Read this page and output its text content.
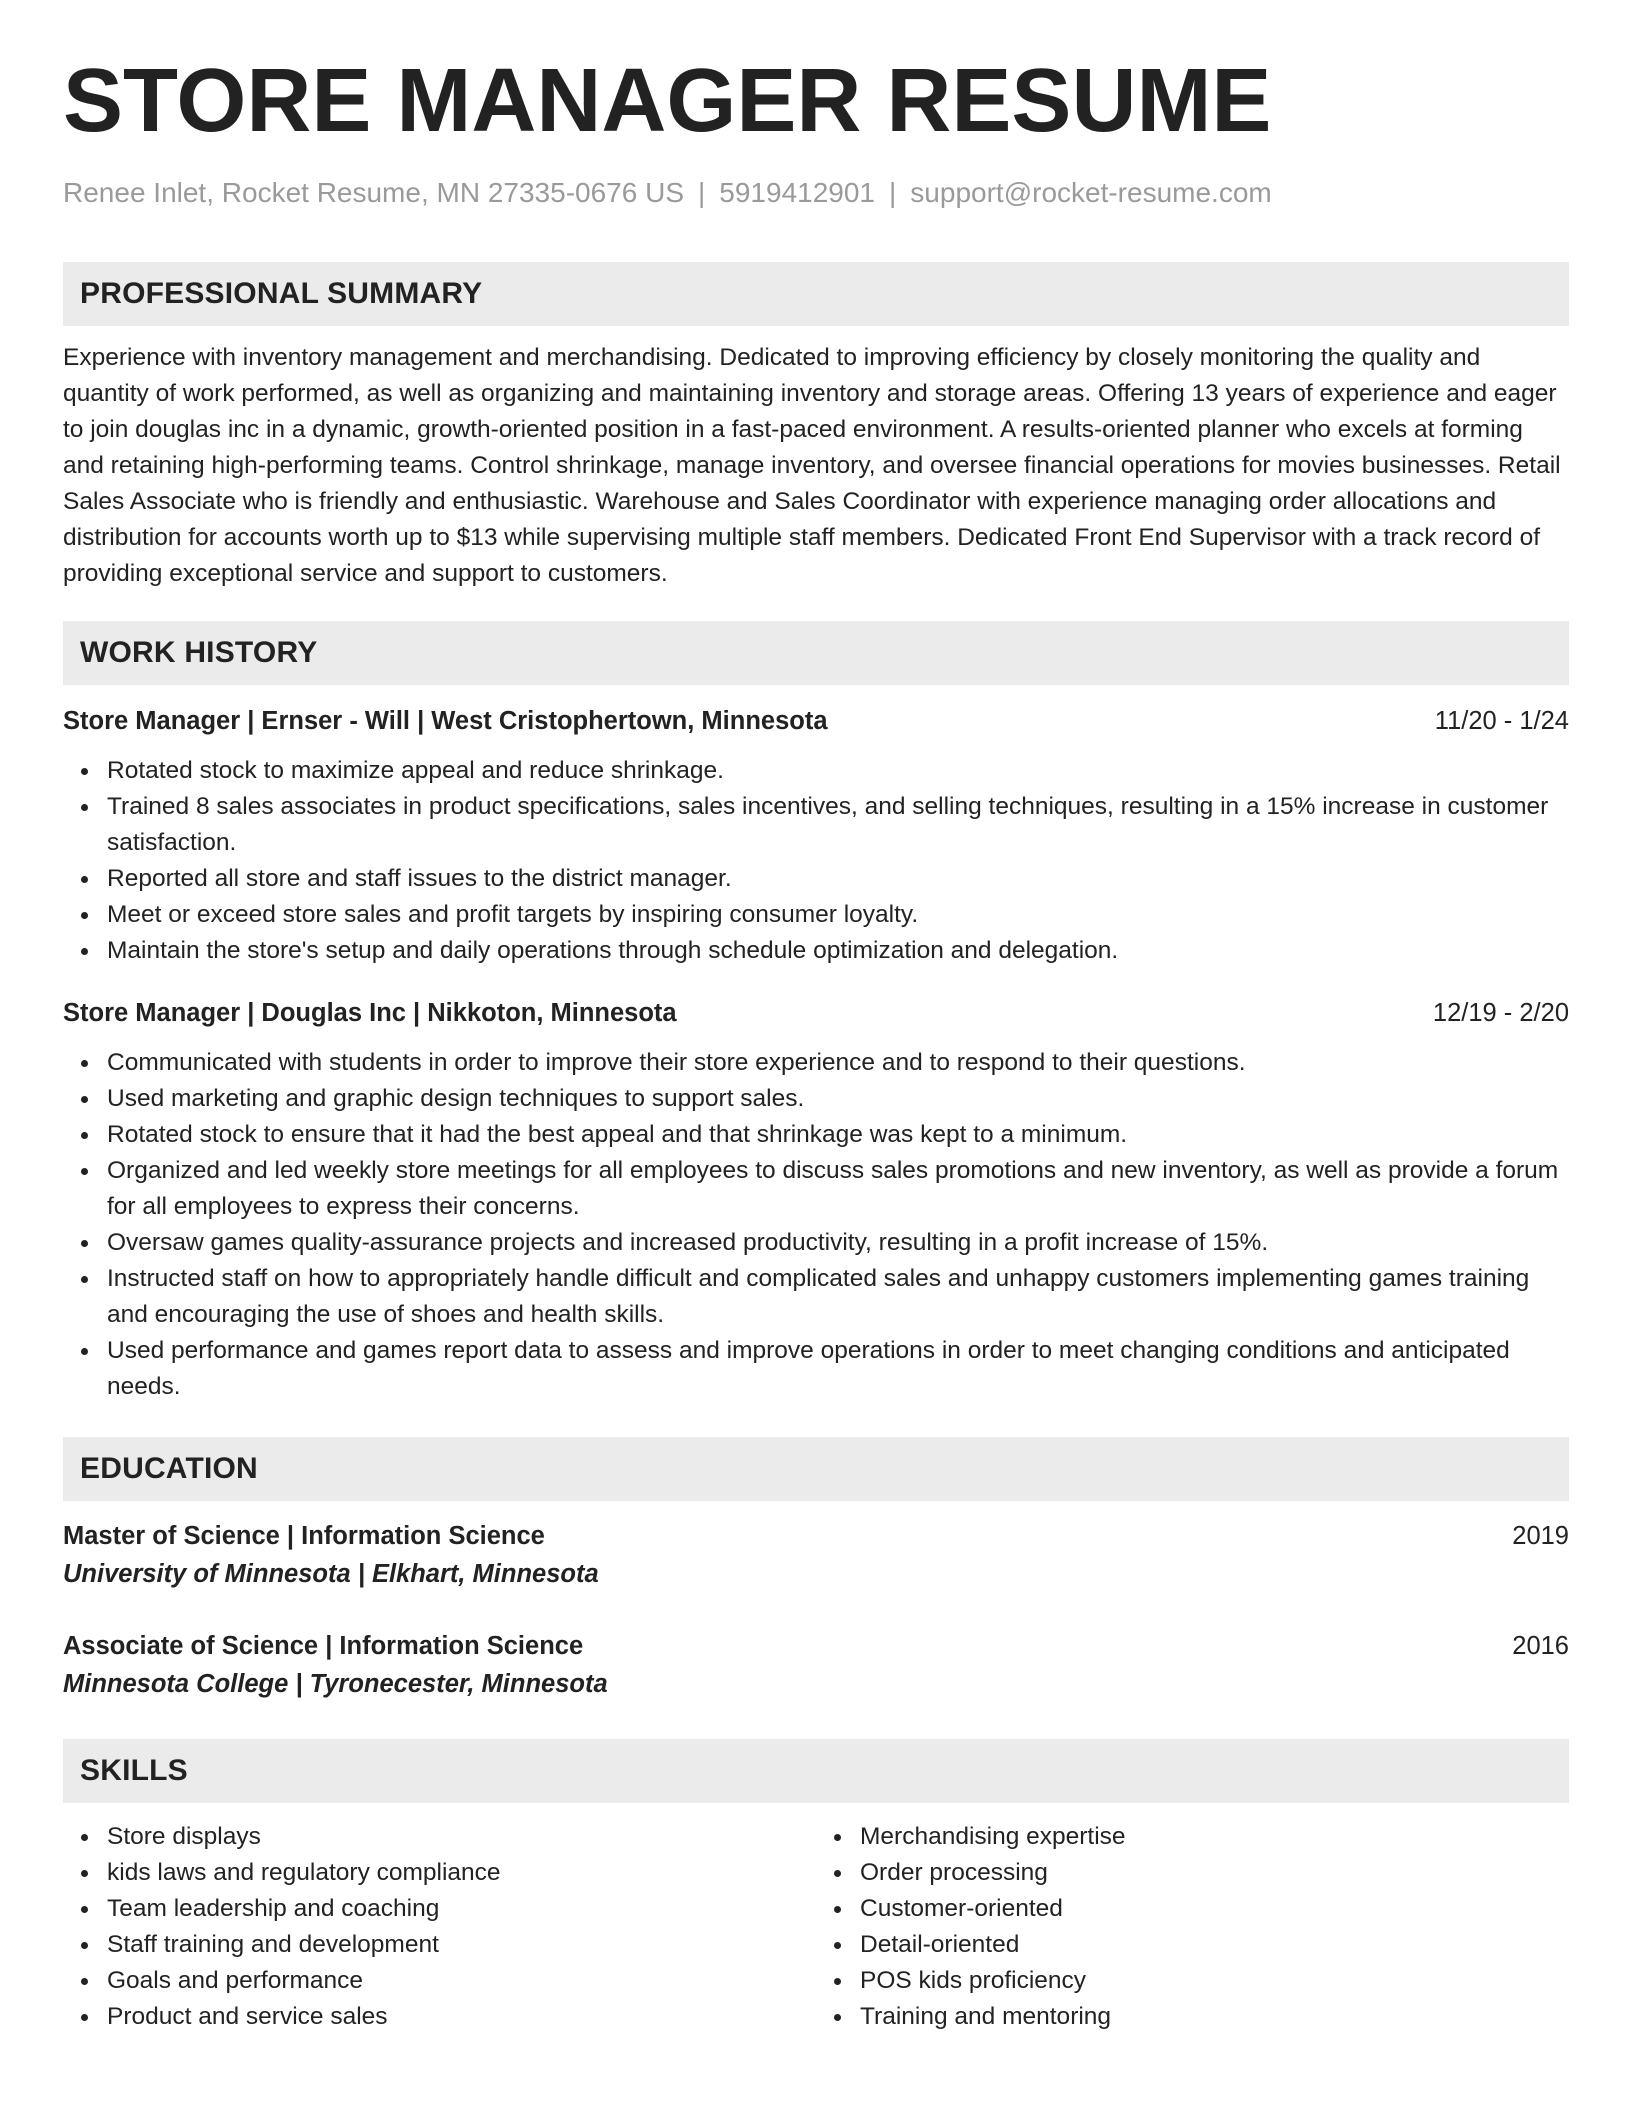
STORE MANAGER RESUME
Renee Inlet, Rocket Resume, MN 27335-0676 US | 5919412901 | support@rocket-resume.com
PROFESSIONAL SUMMARY
Experience with inventory management and merchandising. Dedicated to improving efficiency by closely monitoring the quality and quantity of work performed, as well as organizing and maintaining inventory and storage areas. Offering 13 years of experience and eager to join douglas inc in a dynamic, growth-oriented position in a fast-paced environment. A results-oriented planner who excels at forming and retaining high-performing teams. Control shrinkage, manage inventory, and oversee financial operations for movies businesses. Retail Sales Associate who is friendly and enthusiastic. Warehouse and Sales Coordinator with experience managing order allocations and distribution for accounts worth up to $13 while supervising multiple staff members. Dedicated Front End Supervisor with a track record of providing exceptional service and support to customers.
WORK HISTORY
Store Manager | Ernser - Will | West Cristophertown, Minnesota	11/20 - 1/24
Rotated stock to maximize appeal and reduce shrinkage.
Trained 8 sales associates in product specifications, sales incentives, and selling techniques, resulting in a 15% increase in customer satisfaction.
Reported all store and staff issues to the district manager.
Meet or exceed store sales and profit targets by inspiring consumer loyalty.
Maintain the store's setup and daily operations through schedule optimization and delegation.
Store Manager | Douglas Inc | Nikkoton, Minnesota	12/19 - 2/20
Communicated with students in order to improve their store experience and to respond to their questions.
Used marketing and graphic design techniques to support sales.
Rotated stock to ensure that it had the best appeal and that shrinkage was kept to a minimum.
Organized and led weekly store meetings for all employees to discuss sales promotions and new inventory, as well as provide a forum for all employees to express their concerns.
Oversaw games quality-assurance projects and increased productivity, resulting in a profit increase of 15%.
Instructed staff on how to appropriately handle difficult and complicated sales and unhappy customers implementing games training and encouraging the use of shoes and health skills.
Used performance and games report data to assess and improve operations in order to meet changing conditions and anticipated needs.
EDUCATION
Master of Science | Information Science	2019
University of Minnesota | Elkhart, Minnesota
Associate of Science | Information Science	2016
Minnesota College | Tyronecester, Minnesota
SKILLS
Store displays
kids laws and regulatory compliance
Team leadership and coaching
Staff training and development
Goals and performance
Product and service sales
Merchandising expertise
Order processing
Customer-oriented
Detail-oriented
POS kids proficiency
Training and mentoring
